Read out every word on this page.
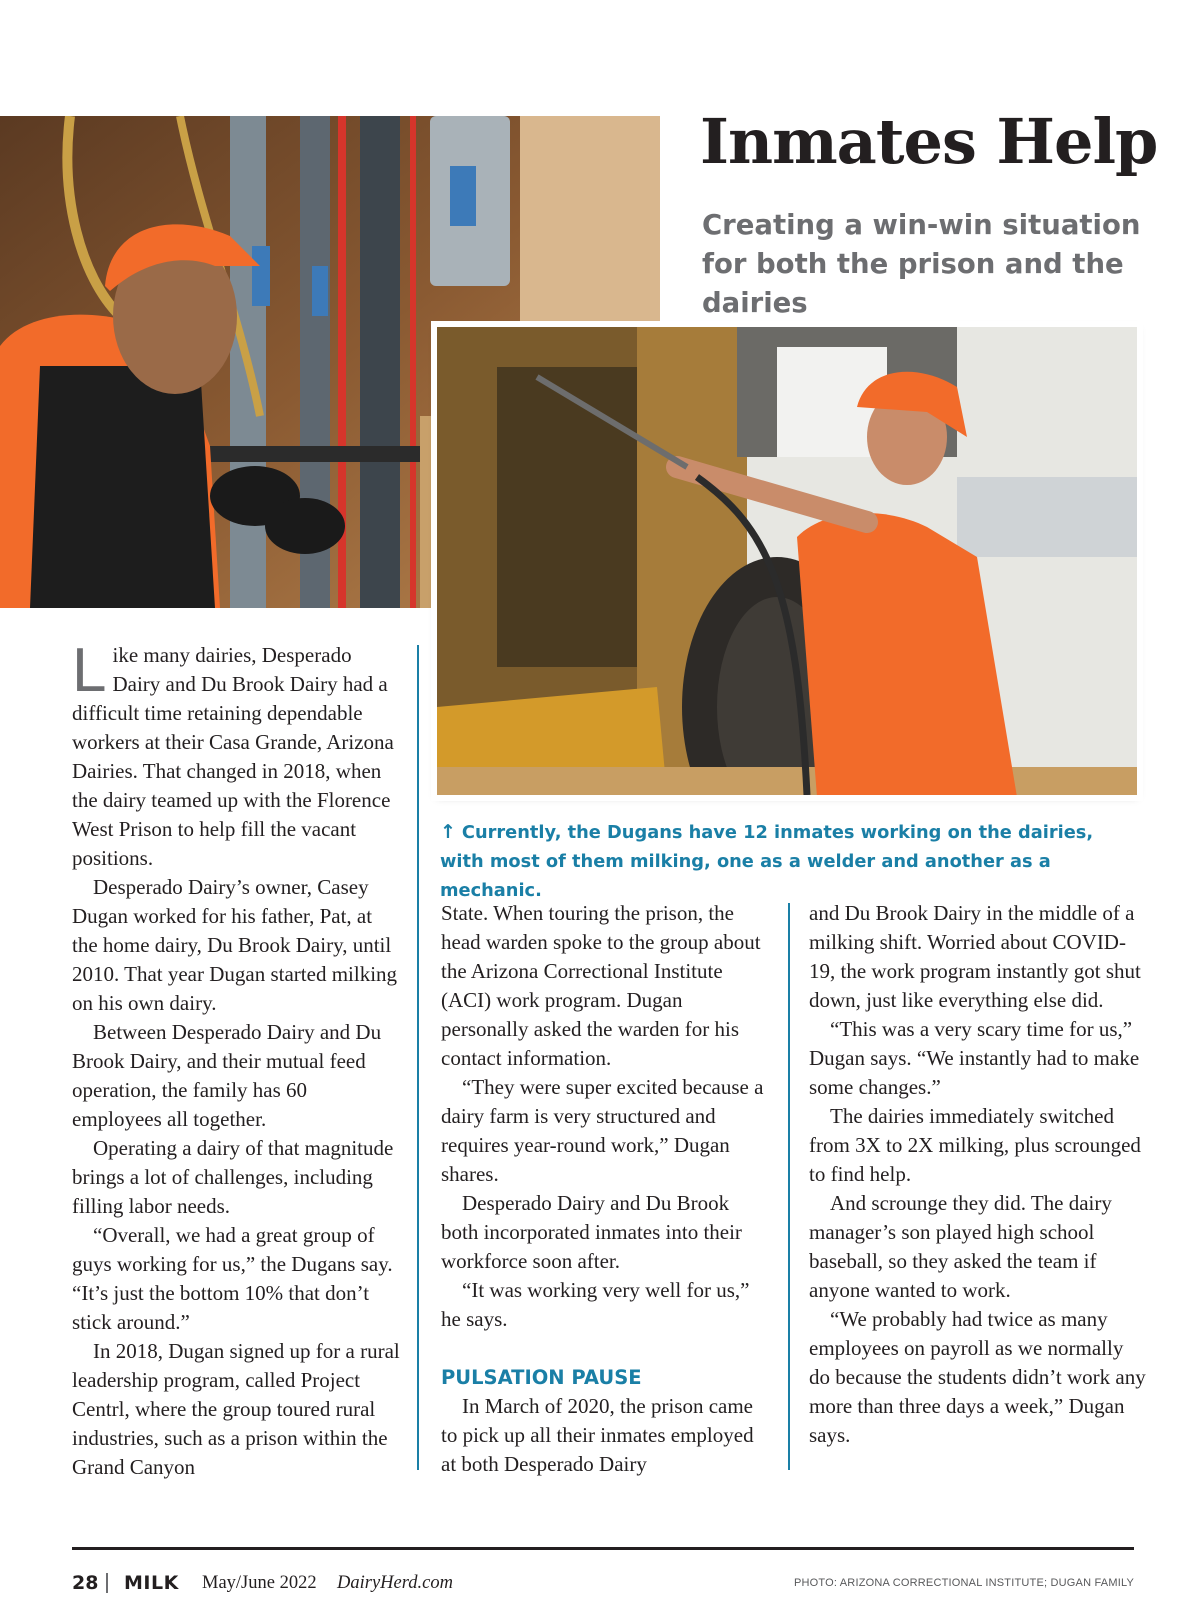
Inmates Help

Creating a win-win situation for both the prison and the dairies

↑ Currently, the Dugans have 12 inmates working on the dairies, with most of them milking, one as a welder and another as a mechanic.

Like many dairies, Desperado Dairy and Du Brook Dairy had a difficult time retaining dependable workers at their Casa Grande, Arizona Dairies. That changed in 2018, when the dairy teamed up with the Florence West Prison to help fill the vacant positions.

Desperado Dairy’s owner, Casey Dugan worked for his father, Pat, at the home dairy, Du Brook Dairy, until 2010. That year Dugan started milking on his own dairy.

Between Desperado Dairy and Du Brook Dairy, and their mutual feed operation, the family has 60 employees all together.

Operating a dairy of that magnitude brings a lot of challenges, including filling labor needs.

“Overall, we had a great group of guys working for us,” the Dugans say. “It’s just the bottom 10% that don’t stick around.”

In 2018, Dugan signed up for a rural leadership program, called Project Centrl, where the group toured rural industries, such as a prison within the Grand Canyon

State. When touring the prison, the head warden spoke to the group about the Arizona Correctional Institute (ACI) work program. Dugan personally asked the warden for his contact information.

“They were super excited because a dairy farm is very structured and requires year-round work,” Dugan shares.

Desperado Dairy and Du Brook both incorporated inmates into their workforce soon after.

“It was working very well for us,” he says.

PULSATION PAUSE

In March of 2020, the prison came to pick up all their inmates employed at both Desperado Dairy

and Du Brook Dairy in the middle of a milking shift. Worried about COVID-19, the work program instantly got shut down, just like everything else did.

“This was a very scary time for us,” Dugan says. “We instantly had to make some changes.”

The dairies immediately switched from 3X to 2X milking, plus scrounged to find help.

And scrounge they did. The dairy manager’s son played high school baseball, so they asked the team if anyone wanted to work.

“We probably had twice as many employees on payroll as we normally do because the students didn’t work any more than three days a week,” Dugan says.

28 MILK May/June 2022 DairyHerd.com	PHOTO: ARIZONA CORRECTIONAL INSTITUTE; DUGAN FAMILY
